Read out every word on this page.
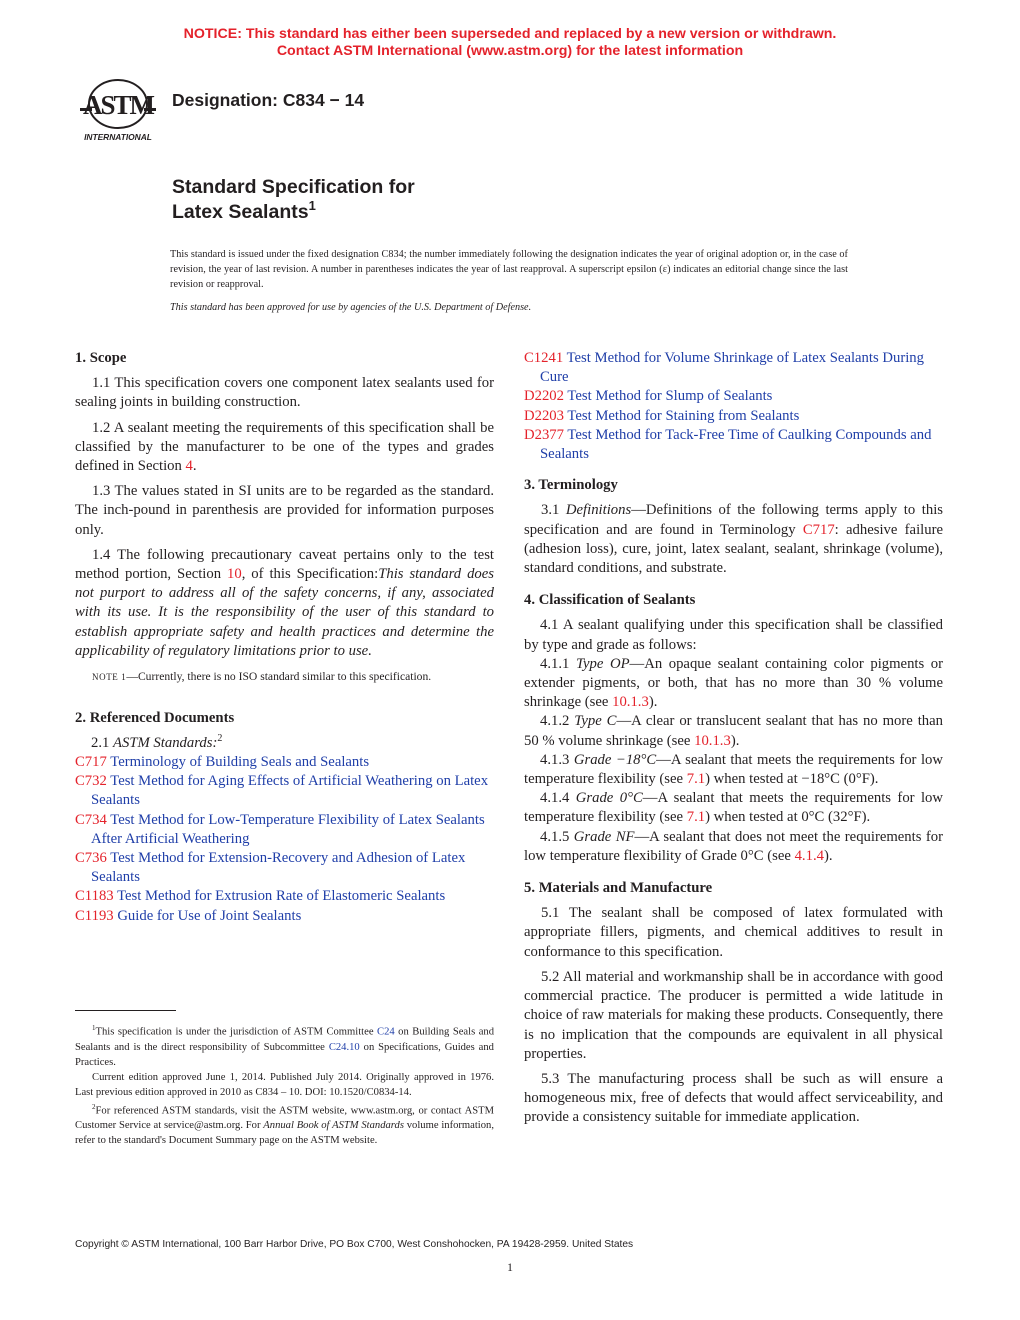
NOTICE: This standard has either been superseded and replaced by a new version or withdrawn.
Contact ASTM International (www.astm.org) for the latest information
ASTM
INTERNATIONAL
Designation: C834 − 14
Standard Specification for
Latex Sealants$^1$
This standard is issued under the fixed designation C834; the number immediately following the designation indicates the year of original adoption or, in the case of revision, the year of last revision. A number in parentheses indicates the year of last reapproval. A superscript epsilon (ε) indicates an editorial change since the last revision or reapproval.
This standard has been approved for use by agencies of the U.S. Department of Defense.
1. Scope

1.1 This specification covers one component latex sealants used for sealing joints in building construction.

1.2 A sealant meeting the requirements of this specification shall be classified by the manufacturer to be one of the types and grades defined in Section 4.

1.3 The values stated in SI units are to be regarded as the standard. The inch-pound in parenthesis are provided for information purposes only.

1.4 The following precautionary caveat pertains only to the test method portion, Section 10, of this Specification:This standard does not purport to address all of the safety concerns, if any, associated with its use. It is the responsibility of the user of this standard to establish appropriate safety and health practices and determine the applicability of regulatory limitations prior to use.

NOTE 1—Currently, there is no ISO standard similar to this specification.

2. Referenced Documents

2.1 ASTM Standards:$^2$

C717 Terminology of Building Seals and Sealants

C732 Test Method for Aging Effects of Artificial Weathering on Latex Sealants

C734 Test Method for Low-Temperature Flexibility of Latex Sealants After Artificial Weathering

C736 Test Method for Extension-Recovery and Adhesion of Latex Sealants

C1183 Test Method for Extrusion Rate of Elastomeric Sealants

C1193 Guide for Use of Joint Sealants

$^1$This specification is under the jurisdiction of ASTM Committee C24 on Building Seals and Sealants and is the direct responsibility of Subcommittee C24.10 on Specifications, Guides and Practices.

Current edition approved June 1, 2014. Published July 2014. Originally approved in 1976. Last previous edition approved in 2010 as C834 – 10. DOI: 10.1520/C0834-14.

$^2$For referenced ASTM standards, visit the ASTM website, www.astm.org, or contact ASTM Customer Service at service@astm.org. For Annual Book of ASTM Standards volume information, refer to the standard's Document Summary page on the ASTM website.

C1241 Test Method for Volume Shrinkage of Latex Sealants During Cure

D2202 Test Method for Slump of Sealants

D2203 Test Method for Staining from Sealants

D2377 Test Method for Tack-Free Time of Caulking Compounds and Sealants

3. Terminology

3.1 Definitions—Definitions of the following terms apply to this specification and are found in Terminology C717: adhesive failure (adhesion loss), cure, joint, latex sealant, sealant, shrinkage (volume), standard conditions, and substrate.

4. Classification of Sealants

4.1 A sealant qualifying under this specification shall be classified by type and grade as follows:

4.1.1 Type OP—An opaque sealant containing color pigments or extender pigments, or both, that has no more than 30 % volume shrinkage (see 10.1.3).

4.1.2 Type C—A clear or translucent sealant that has no more than 50 % volume shrinkage (see 10.1.3).

4.1.3 Grade −18°C—A sealant that meets the requirements for low temperature flexibility (see 7.1) when tested at −18°C (0°F).

4.1.4 Grade 0°C—A sealant that meets the requirements for low temperature flexibility (see 7.1) when tested at 0°C (32°F).

4.1.5 Grade NF—A sealant that does not meet the requirements for low temperature flexibility of Grade 0°C (see 4.1.4).

5. Materials and Manufacture

5.1 The sealant shall be composed of latex formulated with appropriate fillers, pigments, and chemical additives to result in conformance to this specification.

5.2 All material and workmanship shall be in accordance with good commercial practice. The producer is permitted a wide latitude in choice of raw materials for making these products. Consequently, there is no implication that the compounds are equivalent in all physical properties.

5.3 The manufacturing process shall be such as will ensure a homogeneous mix, free of defects that would affect serviceability, and provide a consistency suitable for immediate application.

Copyright © ASTM International, 100 Barr Harbor Drive, PO Box C700, West Conshohocken, PA 19428-2959. United States
1
